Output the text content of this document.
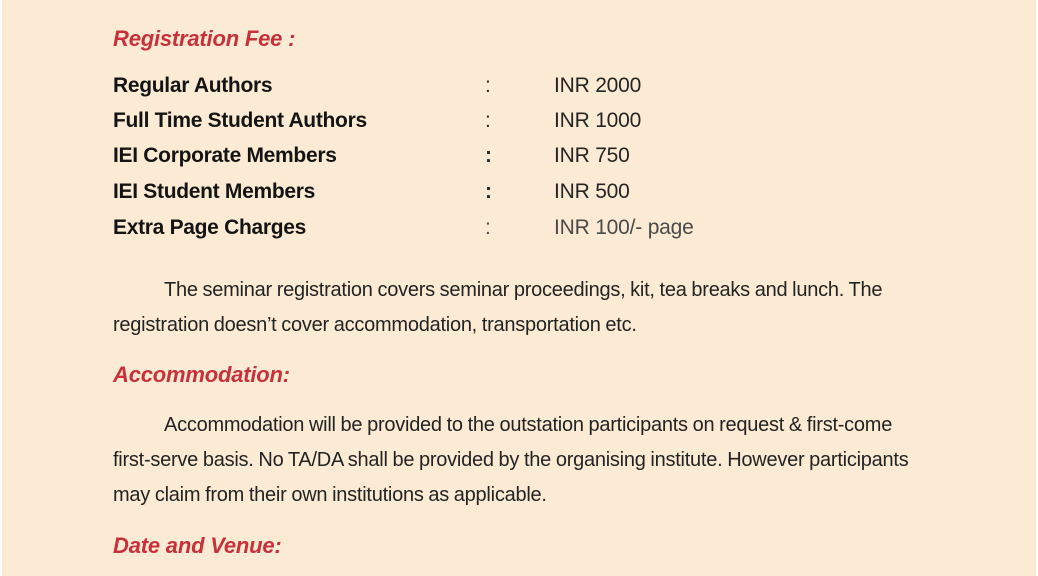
Registration Fee :
Regular Authors	:	INR 2000
Full Time Student Authors	:	INR 1000
IEI Corporate Members	:	INR 750
IEI Student Members	:	INR 500
Extra Page Charges	:	INR 100/- page
The seminar registration covers seminar proceedings, kit, tea breaks and lunch. The registration doesn’t cover accommodation, transportation etc.
Accommodation:
Accommodation will be provided to the outstation participants on request & first-come first-serve basis. No TA/DA shall be provided by the organising institute. However participants may claim from their own institutions as applicable.
Date and Venue:
